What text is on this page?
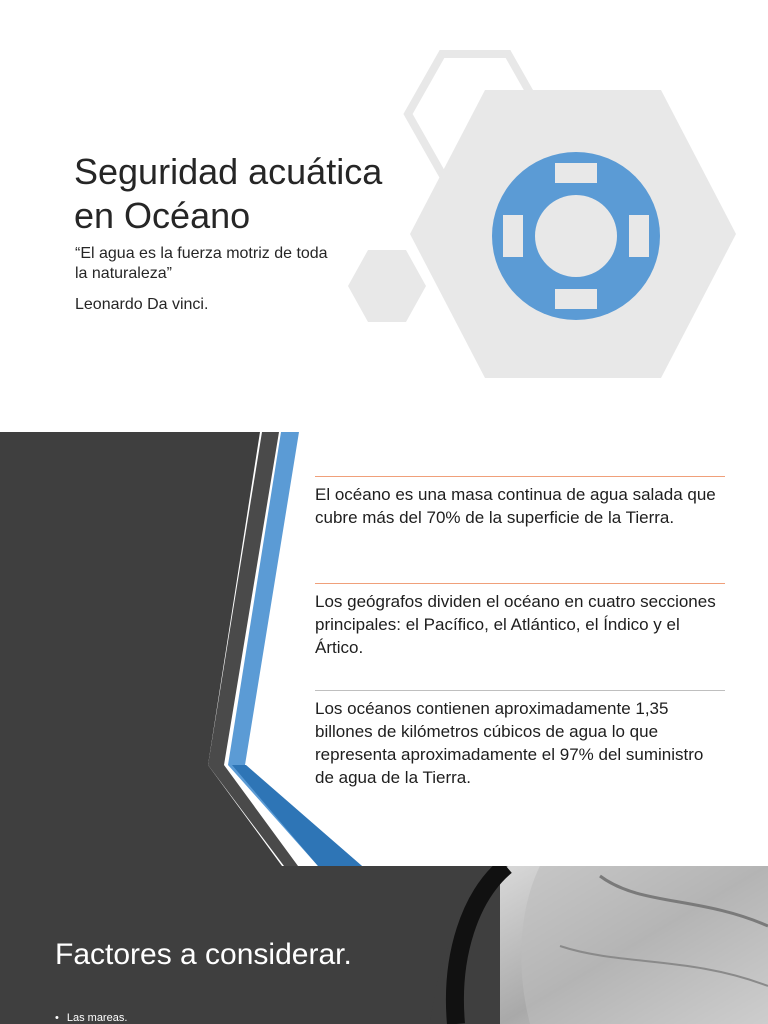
Seguridad acuática
en Océano
“El agua es la fuerza motriz de toda la naturaleza”
Leonardo Da vinci.
El océano es una masa continua de agua salada que cubre más del 70% de la superficie de la Tierra.
Los geógrafos dividen el océano en cuatro secciones principales: el Pacífico, el Atlántico, el Índico y el Ártico.
Los océanos contienen aproximadamente 1,35 billones de kilómetros cúbicos de agua lo que representa aproximadamente el 97% del suministro de agua de la Tierra.
Factores a considerar.
• Las mareas.
